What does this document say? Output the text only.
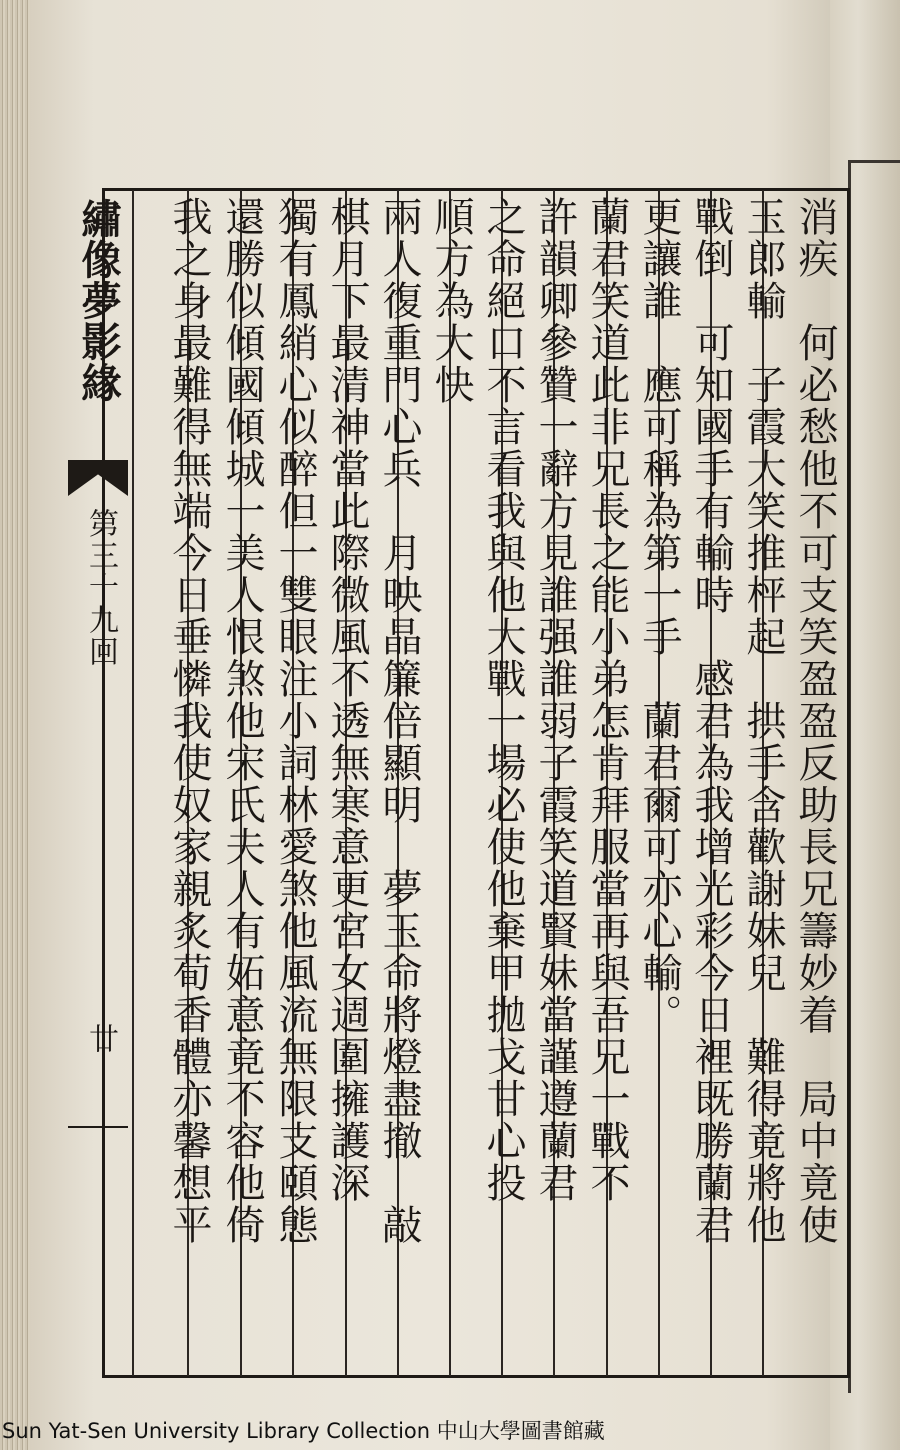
繡像夢影緣
第三十九回
廿	消疾　何必愁他不可支笑盈盈反助長兄籌妙着　局中竟使
玉郎輸　子霞大笑推枰起　拱手含歡謝妹兒　難得竟將他
戰倒　可知國手有輸時　感君為我增光彩今日裡既勝蘭君
更讓誰　應可稱為第一手　蘭君爾可亦心輸。
蘭君笑道此非兄長之能小弟怎肯拜服當再與吾兄一戰不
許韻卿參贊一辭方見誰强誰弱子霞笑道賢妹當謹遵蘭君
之命絕口不言看我與他大戰一場必使他棄甲拋戈甘心投
順方為大快
兩人復重門心兵　月映晶簾倍顯明　夢玉命將燈盡撤　敲
棋月下最清神當此際微風不透無寒意更宮女週圍擁護深
獨有鳳綃心似醉但一雙眼注小詞林愛煞他風流無限支頤態
還勝似傾國傾城一美人恨煞他宋氏夫人有妬意竟不容他倚
我之身最難得無端今日垂憐我使奴家親炙荀香體亦馨想平
Sun Yat-Sen University Library Collection 中山大學圖書館藏
